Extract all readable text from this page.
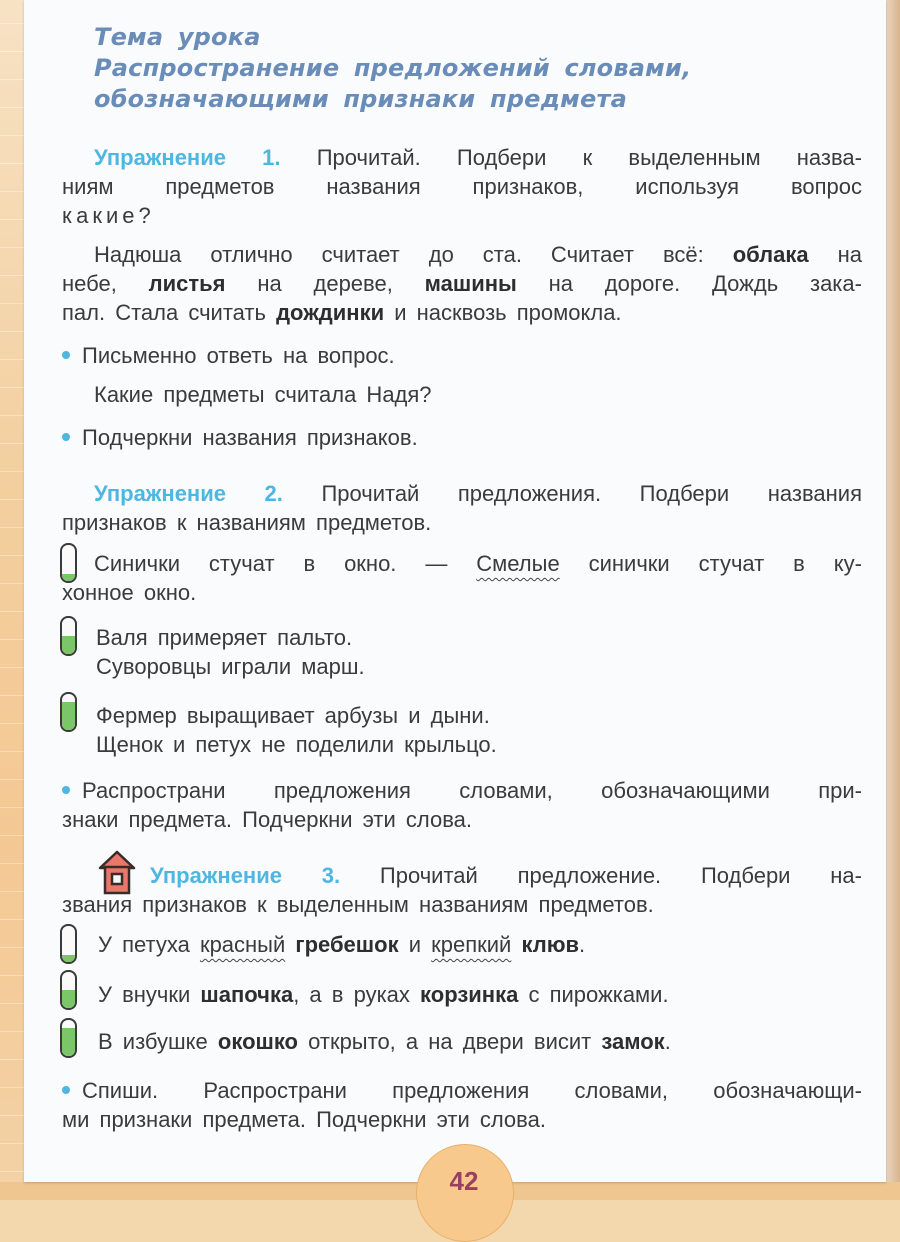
Тема урока
Распространение предложений словами,
обозначающими признаки предмета
Упражнение 1. Прочитай. Подбери к выделенным назва-
ниям предметов названия признаков, используя вопрос
какие?
Надюша отлично считает до ста. Считает всё: облака на
небе, листья на дереве, машины на дороге. Дождь зака-
пал. Стала считать дождинки и насквозь промокла.
Письменно ответь на вопрос.
Какие предметы считала Надя?
Подчеркни названия признаков.
Упражнение 2. Прочитай предложения. Подбери названия
признаков к названиям предметов.
Синички стучат в окно. — Смелые синички стучат в ку-
хонное окно.
Валя примеряет пальто.
Суворовцы играли марш.
Фермер выращивает арбузы и дыни.
Щенок и петух не поделили крыльцо.
Распространи предложения словами, обозначающими при-
знаки предмета. Подчеркни эти слова.
Упражнение 3. Прочитай предложение. Подбери на-
звания признаков к выделенным названиям предметов.
У петуха красный гребешок и крепкий клюв.
У внучки шапочка, а в руках корзинка с пирожками.
В избушке окошко открыто, а на двери висит замок.
Спиши. Распространи предложения словами, обозначающи-
ми признаки предмета. Подчеркни эти слова.
42
